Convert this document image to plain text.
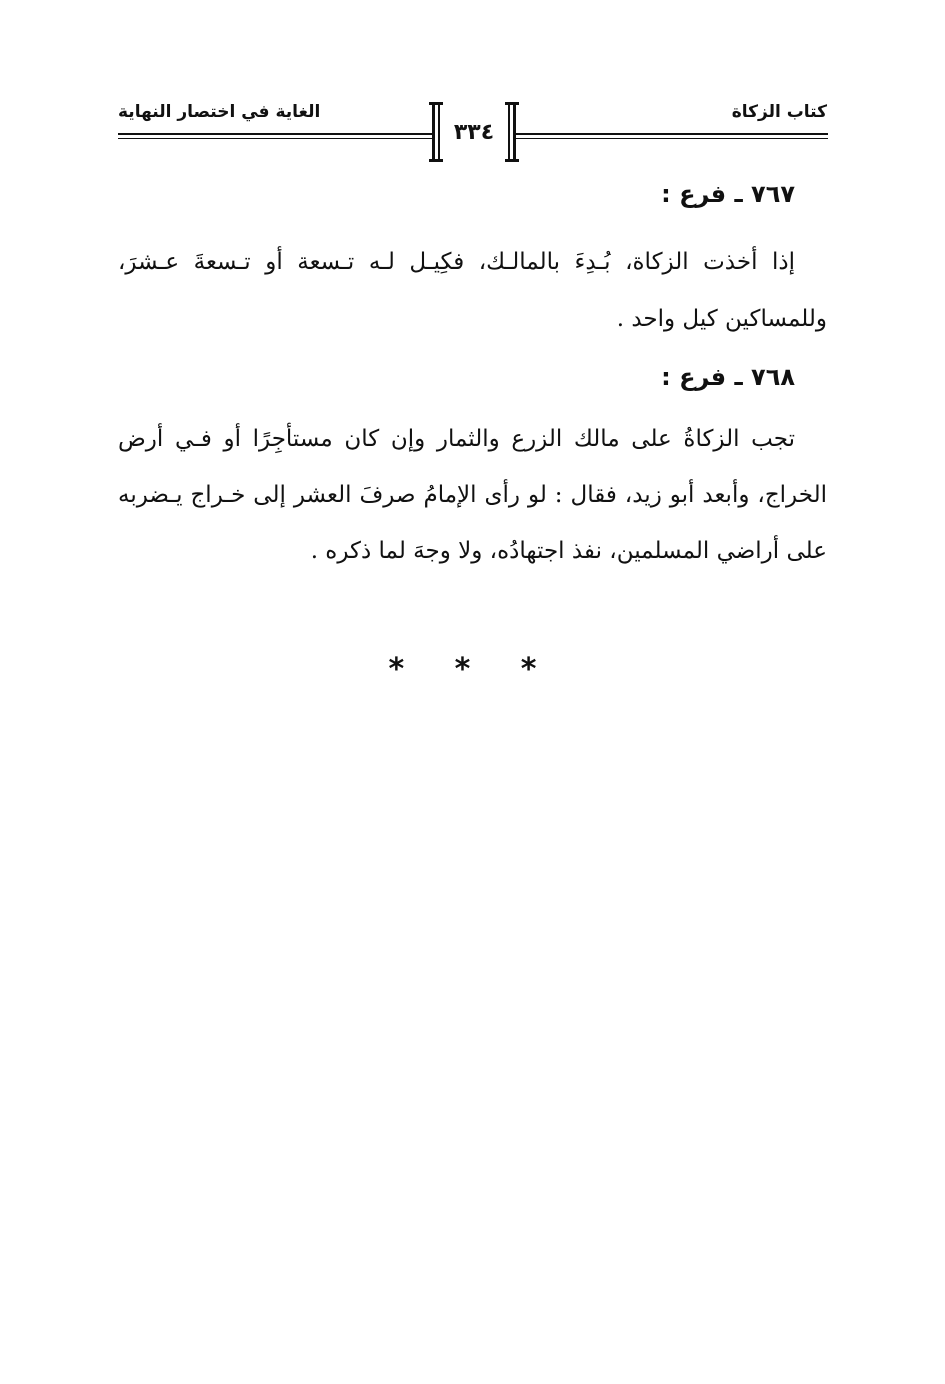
كتاب الزكاة
الغاية في اختصار النهاية
٣٣٤
٧٦٧ ـ فرع :
إذا أخذت الزكاة، بُـدِءَ بالمالـك، فكِيـل لـه تـسعة أو تـسعةَ عـشرَ،
وللمساكين كيل واحد .
٧٦٨ ـ فرع :
تجب الزكاةُ على مالك الزرع والثمار وإن كان مستأجِرًا أو فـي أرض
الخراج، وأبعد أبو زيد، فقال : لو رأى الإمامُ صرفَ العشر إلى خـراج يـضربه
على أراضي المسلمين، نفذ اجتهادُه، ولا وجهَ لما ذكره .
* * *
